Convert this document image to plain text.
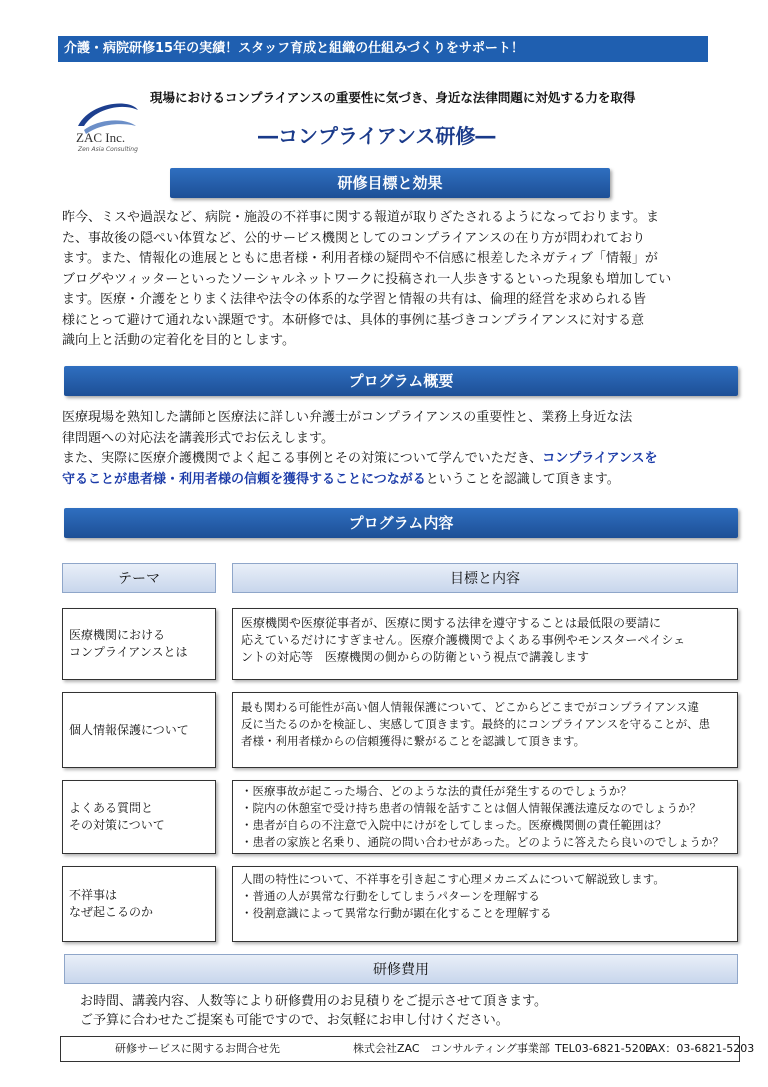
介護・病院研修15年の実績！スタッフ育成と組織の仕組みづくりをサポート！
現場におけるコンプライアンスの重要性に気づき、身近な法律問題に対処する力を取得
ZAC Inc.
Zen Asia Consulting
―コンプライアンス研修―
研修目標と効果

昨今、ミスや過誤など、病院・施設の不祥事に関する報道が取りざたされるようになっております。ま

た、事故後の隠ぺい体質など、公的サービス機関としてのコンプライアンスの在り方が問われており

ます。また、情報化の進展とともに患者様・利用者様の疑問や不信感に根差したネガティブ「情報」が

ブログやツィッターといったソーシャルネットワークに投稿され一人歩きするといった現象も増加してい

ます。医療・介護をとりまく法律や法令の体系的な学習と情報の共有は、倫理的経営を求められる皆

様にとって避けて通れない課題です。本研修では、具体的事例に基づきコンプライアンスに対する意

識向上と活動の定着化を目的とします。

プログラム概要

医療現場を熟知した講師と医療法に詳しい弁護士がコンプライアンスの重要性と、業務上身近な法

律問題への対応法を講義形式でお伝えします。

また、実際に医療介護機関でよく起こる事例とその対策について学んでいただき、コンプライアンスを

守ることが患者様・利用者様の信頼を獲得することにつながるということを認識して頂きます。

プログラム内容
テーマ	目標と内容
医療機関における
コンプライアンスとは
医療機関や医療従事者が、医療に関する法律を遵守することは最低限の要請に
応えているだけにすぎません。医療介護機関でよくある事例やモンスターペイシェ
ントの対応等　医療機関の側からの防衛という視点で講義します
個人情報保護について
最も関わる可能性が高い個人情報保護について、どこからどこまでがコンプライアンス違
反に当たるのかを検証し、実感して頂きます。最終的にコンプライアンスを守ることが、患
者様・利用者様からの信頼獲得に繋がることを認識して頂きます。
よくある質問と
その対策について
・医療事故が起こった場合、どのような法的責任が発生するのでしょうか？
・院内の休憩室で受け持ち患者の情報を話すことは個人情報保護法違反なのでしょうか？
・患者が自らの不注意で入院中にけがをしてしまった。医療機関側の責任範囲は？
・患者の家族と名乗り、通院の問い合わせがあった。どのように答えたら良いのでしょうか？
不祥事は
なぜ起こるのか
人間の特性について、不祥事を引き起こす心理メカニズムについて解説致します。
・普通の人が異常な行動をしてしまうパターンを理解する
・役割意識によって異常な行動が顕在化することを理解する
研修費用
お時間、講義内容、人数等により研修費用のお見積りをご提示させて頂きます。
ご予算に合わせたご提案も可能ですので、お気軽にお申し付けください。
研修サービスに関するお問合せ先	株式会社ZAC　コンサルティング事業部 TEL03-6821-5202
FAX：03-6821-5203
